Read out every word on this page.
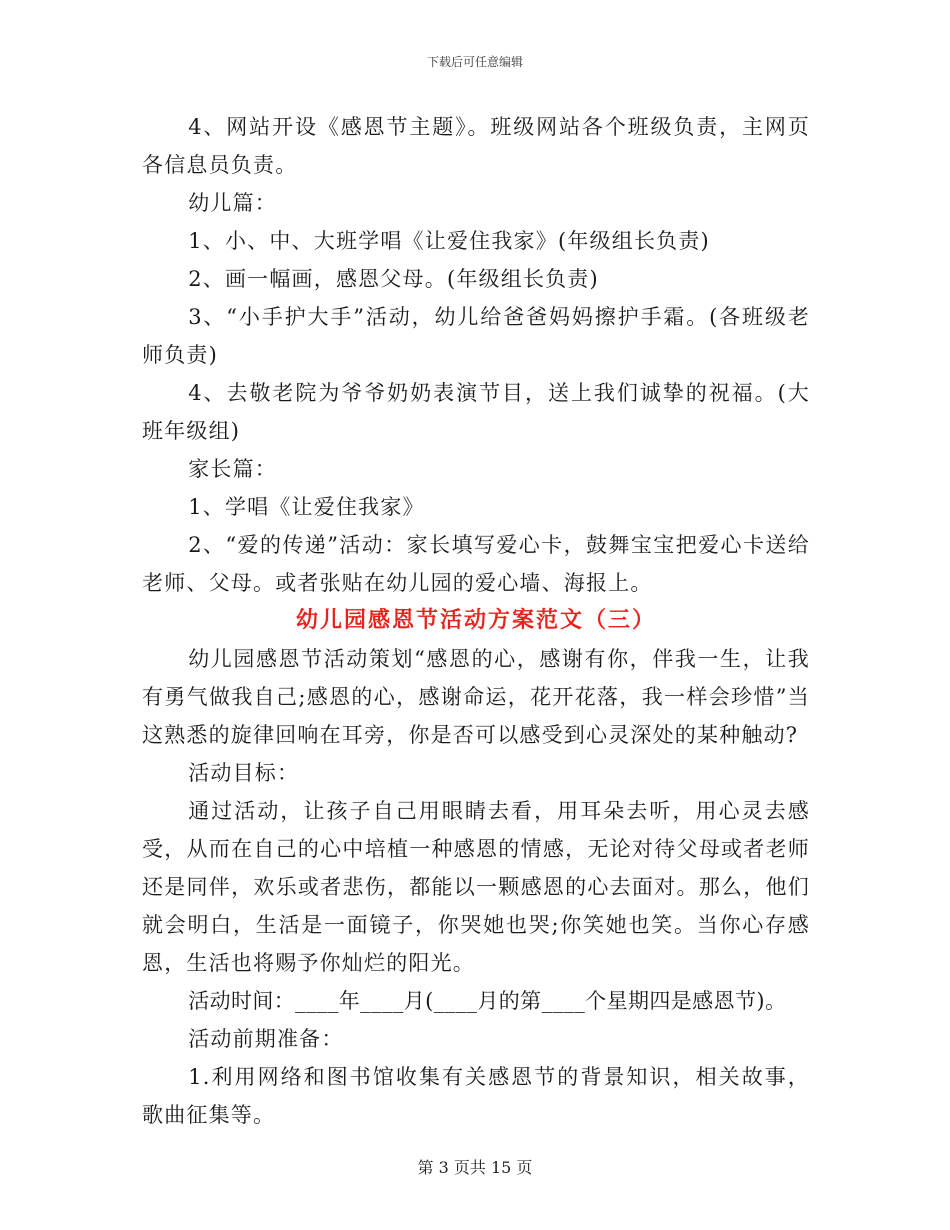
下载后可任意编辑

4、网站开设《感恩节主题》。班级网站各个班级负责，主网页各信息员负责。

幼儿篇：

1、小、中、大班学唱《让爱住我家》(年级组长负责)

2、画一幅画，感恩父母。(年级组长负责)

3、“小手护大手”活动，幼儿给爸爸妈妈擦护手霜。(各班级老师负责)

4、去敬老院为爷爷奶奶表演节目，送上我们诚挚的祝福。(大班年级组)

家长篇：

1、学唱《让爱住我家》

2、“爱的传递”活动：家长填写爱心卡，鼓舞宝宝把爱心卡送给老师、父母。或者张贴在幼儿园的爱心墙、海报上。

幼儿园感恩节活动方案范文（三）

幼儿园感恩节活动策划“感恩的心，感谢有你，伴我一生，让我有勇气做我自己;感恩的心，感谢命运，花开花落，我一样会珍惜”当这熟悉的旋律回响在耳旁，你是否可以感受到心灵深处的某种触动?

活动目标：

通过活动，让孩子自己用眼睛去看，用耳朵去听，用心灵去感受，从而在自己的心中培植一种感恩的情感，无论对待父母或者老师还是同伴，欢乐或者悲伤，都能以一颗感恩的心去面对。那么，他们就会明白，生活是一面镜子，你哭她也哭;你笑她也笑。当你心存感恩，生活也将赐予你灿烂的阳光。

活动时间：____年____月(____月的第____个星期四是感恩节)。

活动前期准备：

1.利用网络和图书馆收集有关感恩节的背景知识，相关故事，歌曲征集等。

第 3 页共 15 页
